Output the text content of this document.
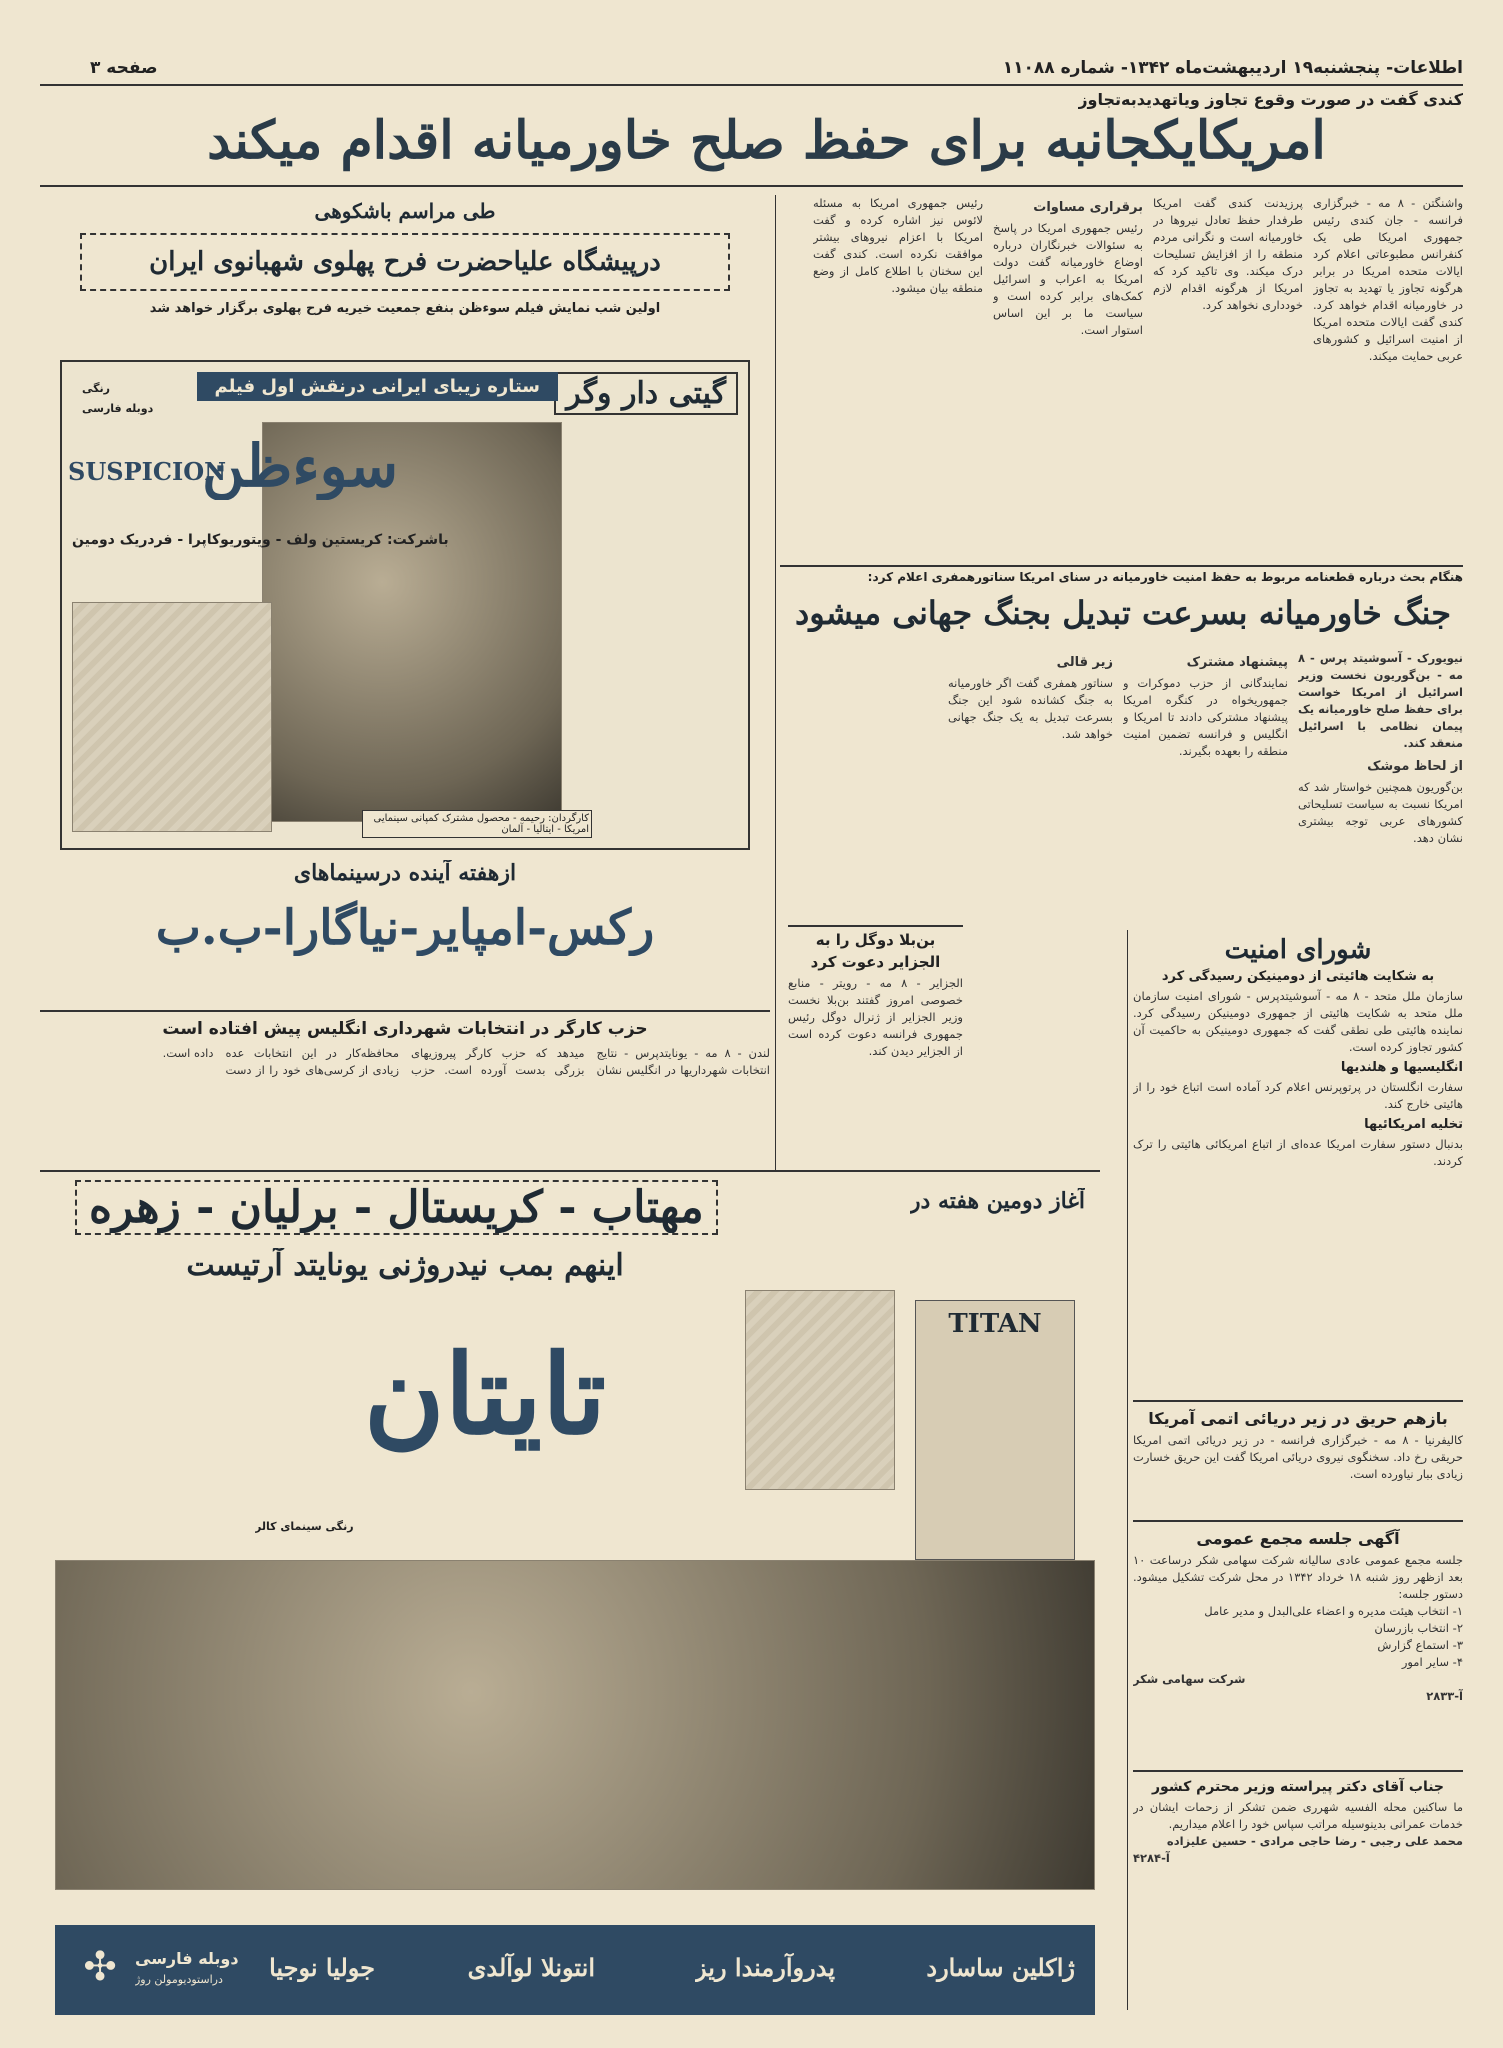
صفحه ۳	اطلاعات- پنجشنبه۱۹ اردیبهشت‌ماه ۱۳۴۲- شماره ۱۱۰۸۸
کندی گفت در صورت وقوع تجاوز ویاتهدیدبه‌تجاوز
امریکایکجانبه برای حفظ صلح خاورمیانه اقدام میکند

واشنگتن - ۸ مه - خبرگزاری فرانسه - جان کندی رئیس جمهوری امریکا طی یک کنفرانس مطبوعاتی اعلام کرد ایالات متحده امریکا در برابر هرگونه تجاوز یا تهدید به تجاوز در خاورمیانه اقدام خواهد کرد. کندی گفت ایالات متحده امریکا از امنیت اسرائیل و کشورهای عربی حمایت میکند.

پرزیدنت کندی گفت امریکا طرفدار حفظ تعادل نیروها در خاورمیانه است و نگرانی مردم منطقه را از افزایش تسلیحات درک میکند. وی تاکید کرد که امریکا از هرگونه اقدام لازم خودداری نخواهد کرد.

برقراری مساوات

رئیس جمهوری امریکا در پاسخ به سئوالات خبرنگاران درباره اوضاع خاورمیانه گفت دولت امریکا به اعراب و اسرائیل کمک‌های برابر کرده است و سیاست ما بر این اساس استوار است.

رئیس جمهوری امریکا به مسئله لائوس نیز اشاره کرده و گفت امریکا با اعزام نیروهای بیشتر موافقت نکرده است. کندی گفت این سخنان با اطلاع کامل از وضع منطقه بیان میشود.

طی مراسم باشکوهی
درپیشگاه علیاحضرت فرح پهلوی شهبانوی ایران
اولین شب نمایش فیلم سوءظن بنفع جمعیت خیریه فرح پهلوی برگزار خواهد شد
گیتی دار وگر
ستاره زیبای ایرانی درنقش اول فیلم
رنگی
دوبله فارسی
سوءظن
SUSPICION
باشرکت: کریستین ولف - ویتوریوکاپرا - فردریک دومین
کارگردان: رحیمه - محصول مشترک کمپانی سینمایی امریکا - ایتالیا - آلمان
ازهفته آینده درسینماهای
رکس-امپایر-نیاگارا-ب.ب
هنگام بحث درباره قطعنامه مربوط به حفظ امنیت خاورمیانه در سنای امریکا سناتورهمفری اعلام کرد:
جنگ خاورمیانه بسرعت تبدیل بجنگ جهانی میشود

نیویورک - آسوشیتد پرس - ۸ مه - بن‌گوریون نخست وزیر اسرائیل از امریکا خواست برای حفظ صلح خاورمیانه یک پیمان نظامی با اسرائیل منعقد کند.

از لحاظ موشک

بن‌گوریون همچنین خواستار شد که امریکا نسبت به سیاست تسلیحاتی کشورهای عربی توجه بیشتری نشان دهد.

پیشنهاد مشترک

نمایندگانی از حزب دموکرات و جمهوریخواه در کنگره امریکا پیشنهاد مشترکی دادند تا امریکا و انگلیس و فرانسه تضمین امنیت منطقه را بعهده بگیرند.

زیر قالی

سناتور همفری گفت اگر خاورمیانه به جنگ کشانده شود این جنگ بسرعت تبدیل به یک جنگ جهانی خواهد شد.

بن‌بلا دوگل را به
الجزایر دعوت کرد
الجزایر - ۸ مه - رویتر - منابع خصوصی امروز گفتند بن‌بلا نخست وزیر الجزایر از ژنرال دوگل رئیس جمهوری فرانسه دعوت کرده است از الجزایر دیدن کند.
شورای امنیت
به شکایت هائیتی از دومینیکن رسیدگی کرد
سازمان ملل متحد - ۸ مه - آسوشیتدپرس - شورای امنیت سازمان ملل متحد به شکایت هائیتی از جمهوری دومینیکن رسیدگی کرد. نماینده هائیتی طی نطقی گفت که جمهوری دومینیکن به حاکمیت آن کشور تجاوز کرده است.
انگلیسیها و هلندیها
سفارت انگلستان در پرتوپرنس اعلام کرد آماده است اتباع خود را از هائیتی خارج کند.
تخلیه امریکائیها
بدنبال دستور سفارت امریکا عده‌ای از اتباع امریکائی هائیتی را ترک کردند.
حزب کارگر در انتخابات شهرداری انگلیس پیش افتاده است
لندن - ۸ مه - یونایتدپرس - نتایج انتخابات شهرداریها در انگلیس نشان میدهد که حزب کارگر پیروزیهای بزرگی بدست آورده است. حزب محافظه‌کار در این انتخابات عده زیادی از کرسی‌های خود را از دست داده است.
آغاز دومین هفته در
مهتاب - کریستال - برلیان - زهره
اینهم بمب نیدروژنی یونایتد آرتیست
TITAN
تایتان
رنگی سینمای کالر
ژاکلین ساسارد
پدروآرمندا ریز
انتونلا لوآلدی
جولیا نوجیا
✣	دوبله فارسی
دراستودیومولن روژ
بازهم حریق در زیر دریائی اتمی آمریکا
کالیفرنیا - ۸ مه - خبرگزاری فرانسه - در زیر دریائی اتمی امریکا حریقی رخ داد. سخنگوی نیروی دریائی امریکا گفت این حریق خسارت زیادی ببار نیاورده است.
آگهی جلسه مجمع عمومی
جلسه مجمع عمومی عادی سالیانه شرکت سهامی شکر درساعت ۱۰ بعد ازظهر روز شنبه ۱۸ خرداد ۱۳۴۲ در محل شرکت تشکیل میشود. دستور جلسه:
۱- انتخاب هیئت مدیره و اعضاء علی‌البدل و مدیر عامل
۲- انتخاب بازرسان
۳- استماع گزارش
۴- سایر امور
شرکت سهامی شکر
آ-۲۸۳۳
جناب آقای دکتر پیراسته وزیر محترم کشور
ما ساکنین محله الفسیه شهرری ضمن تشکر از زحمات ایشان در خدمات عمرانی بدینوسیله مراتب سپاس خود را اعلام میداریم.
محمد علی رجبی - رضا حاجی مرادی - حسین علیزاده
آ-۴۲۸۴
